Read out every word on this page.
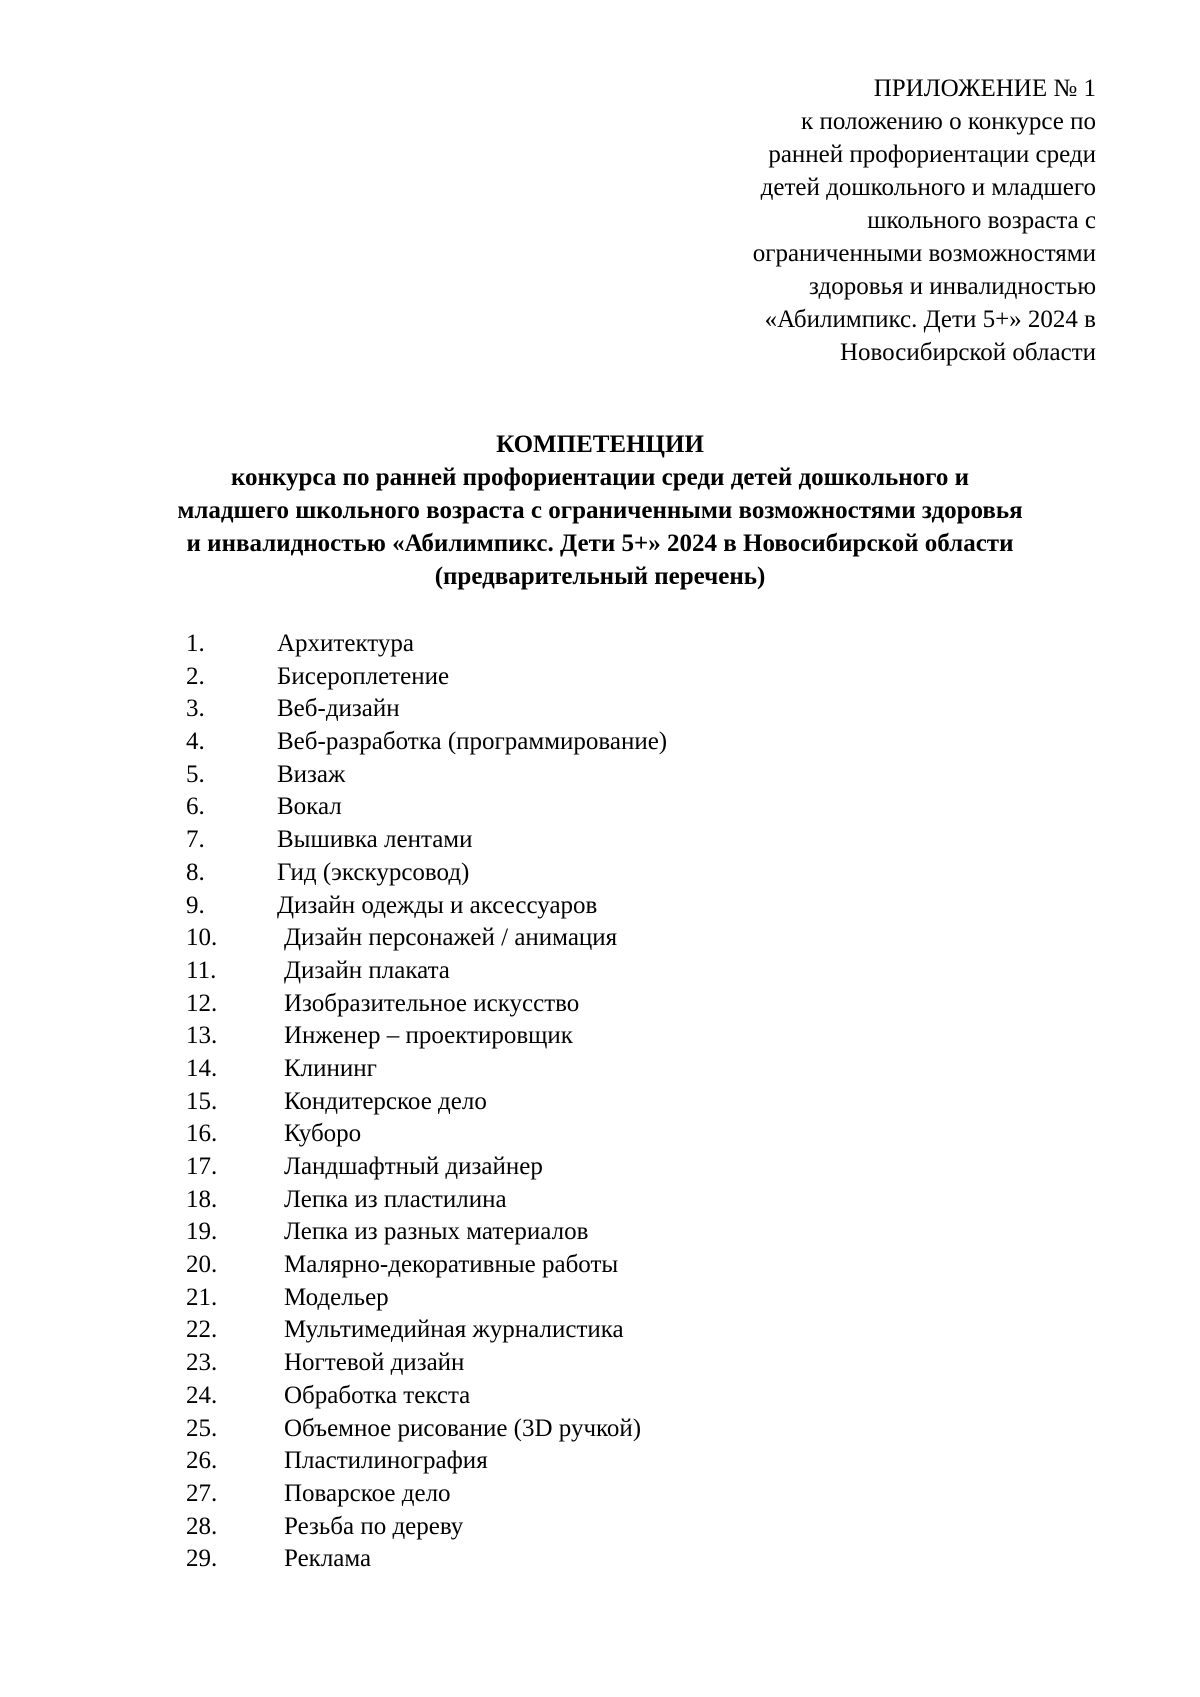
ПРИЛОЖЕНИЕ № 1
к положению о конкурсе по
ранней профориентации среди
детей дошкольного и младшего
школьного возраста с
ограниченными возможностями
здоровья и инвалидностью
«Абилимпикс. Дети 5+» 2024 в
Новосибирской области
КОМПЕТЕНЦИИ
конкурса по ранней профориентации среди детей дошкольного и
младшего школьного возраста с ограниченными возможностями здоровья
и инвалидностью «Абилимпикс. Дети 5+» 2024 в Новосибирской области
(предварительный перечень)
1.	Архитектура
2.	Бисероплетение
3.	Веб-дизайн
4.	Веб-разработка (программирование)
5.	Визаж
6.	Вокал
7.	Вышивка лентами
8.	Гид (экскурсовод)
9.	Дизайн одежды и аксессуаров
10.	Дизайн персонажей / анимация
11.	Дизайн плаката
12.	Изобразительное искусство
13.	Инженер – проектировщик
14.	Клининг
15.	Кондитерское дело
16.	Куборо
17.	Ландшафтный дизайнер
18.	Лепка из пластилина
19.	Лепка из разных материалов
20.	Малярно-декоративные работы
21.	Модельер
22.	Мультимедийная журналистика
23.	Ногтевой дизайн
24.	Обработка текста
25.	Объемное рисование (3D ручкой)
26.	Пластилинография
27.	Поварское дело
28.	Резьба по дереву
29.	Реклама
